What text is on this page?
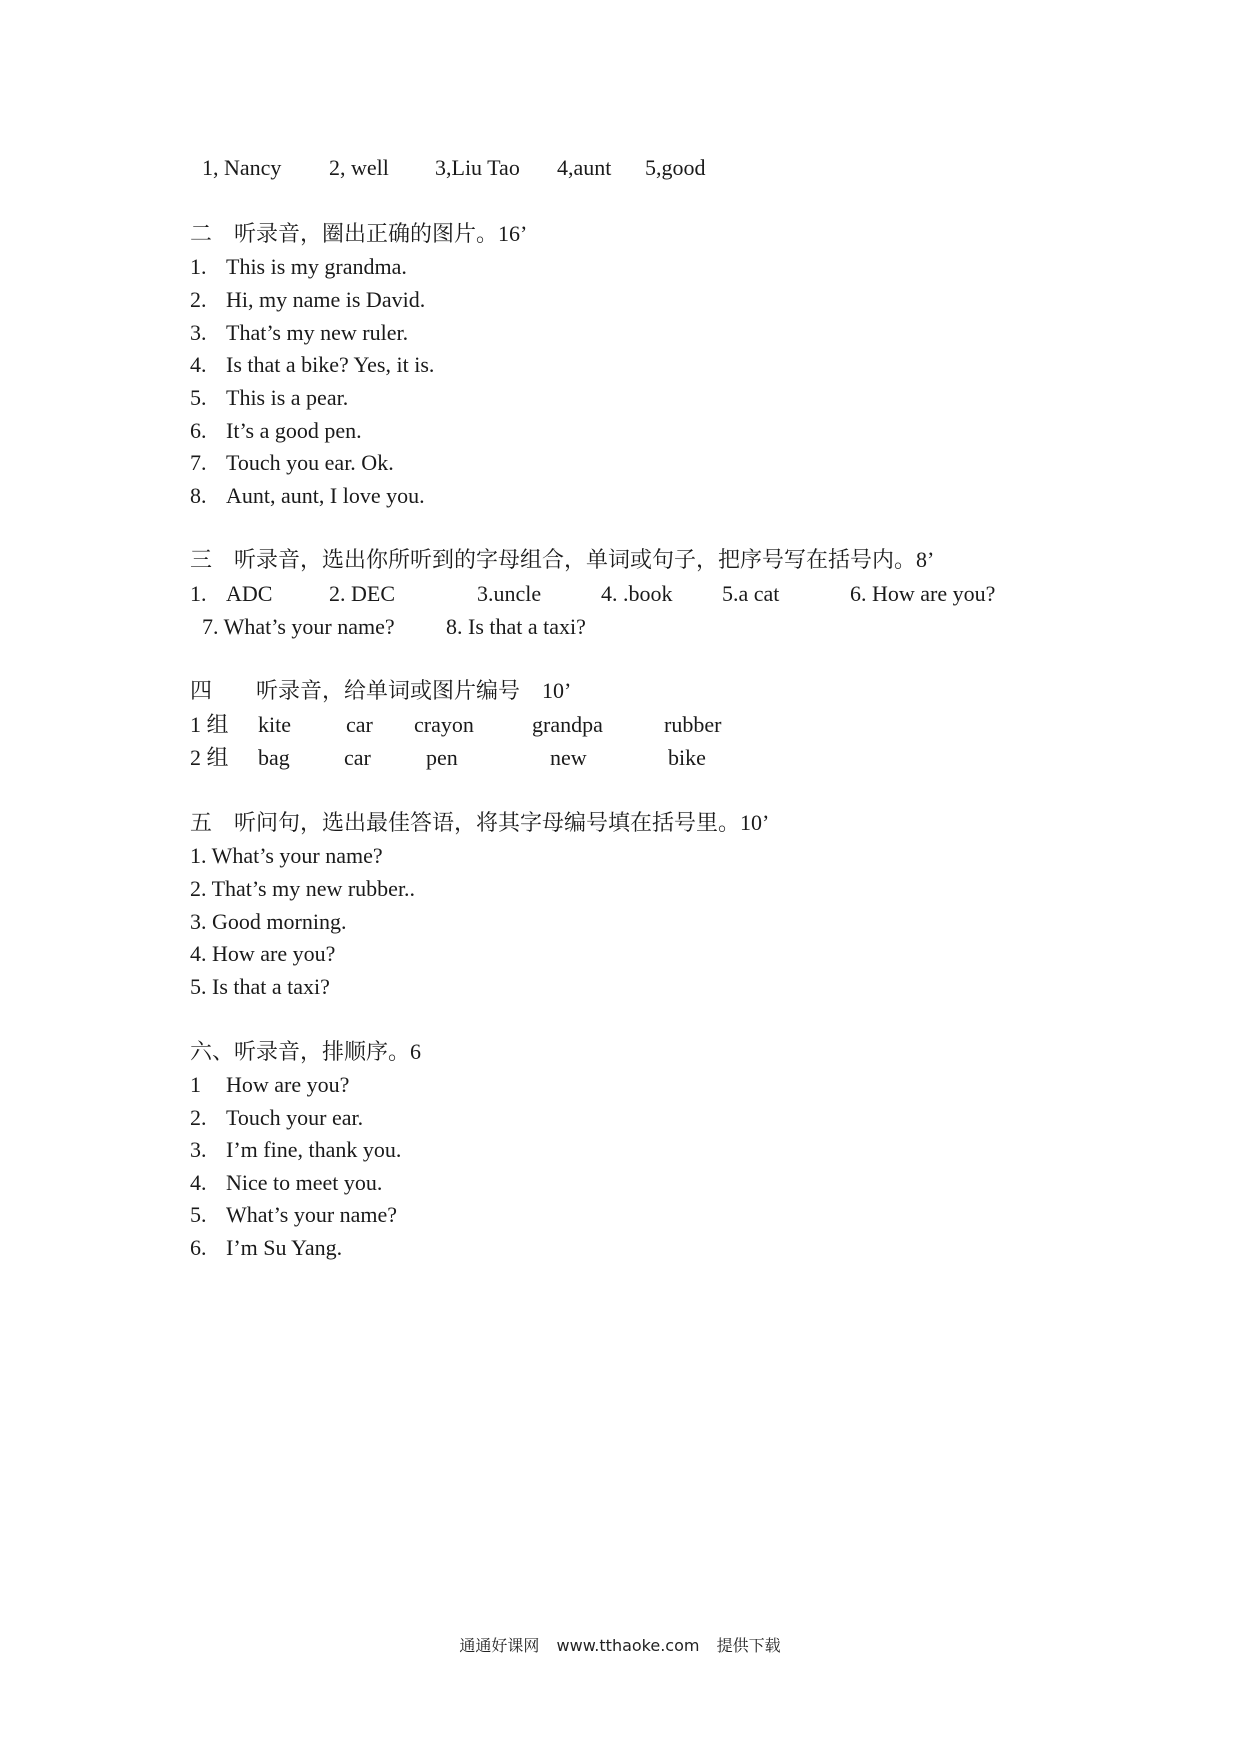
1, Nancy 2, well 3,Liu Tao 4,aunt 5,good
二　听录音，圈出正确的图片。16’
1. This is my grandma.
2. Hi, my name is David.
3. That’s my new ruler.
4. Is that a bike? Yes, it is.
5. This is a pear.
6. It’s a good pen.
7. Touch you ear. Ok.
8. Aunt, aunt, I love you.
三　听录音，选出你所听到的字母组合，单词或句子，把序号写在括号内。8’
1. ADC	2. DEC	3.uncle	4. .book 5.a cat	6. How are you?
7. What’s your name? 8. Is that a taxi?
四　　听录音，给单词或图片编号　10’
1 组 kite	car crayon	grandpa	rubber
2 组 bag car	pen	new	bike
五　听问句，选出最佳答语，将其字母编号填在括号里。10’
1. What’s your name?
2. That’s my new rubber..
3. Good morning.
4. How are you?
5. Is that a taxi?
六、听录音，排顺序。6
1 How are you?
2. Touch your ear.
3. I’m fine, thank you.
4. Nice to meet you.
5. What’s your name?
6. I’m Su Yang.
通通好课网 www.tthaoke.com 提供下载
